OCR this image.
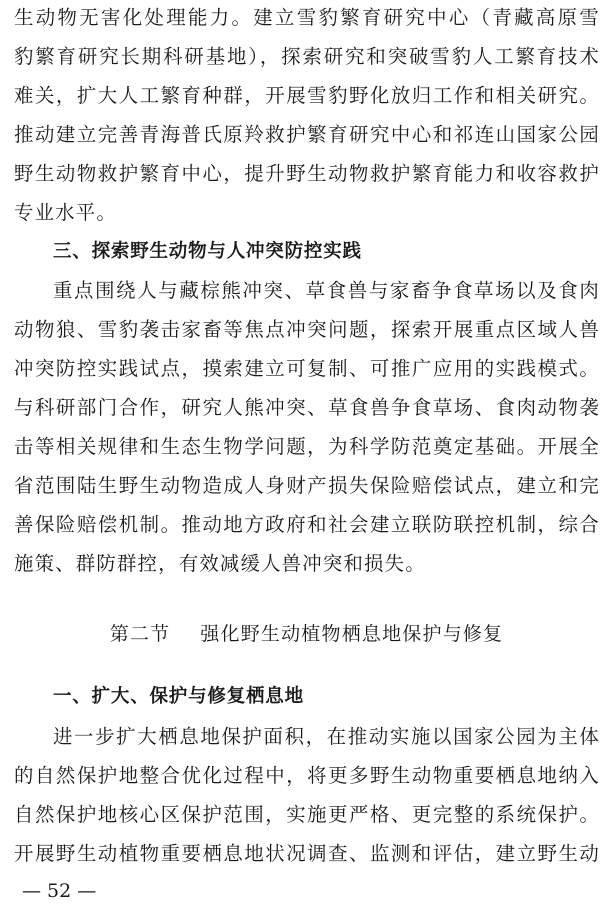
生动物无害化处理能力。建立雪豹繁育研究中心（青藏高原雪
豹繁育研究长期科研基地），探索研究和突破雪豹人工繁育技术
难关，扩大人工繁育种群，开展雪豹野化放归工作和相关研究。
推动建立完善青海普氏原羚救护繁育研究中心和祁连山国家公园
野生动物救护繁育中心，提升野生动物救护繁育能力和收容救护
专业水平。
三、探索野生动物与人冲突防控实践
重点围绕人与藏棕熊冲突、草食兽与家畜争食草场以及食肉
动物狼、雪豹袭击家畜等焦点冲突问题，探索开展重点区域人兽
冲突防控实践试点，摸索建立可复制、可推广应用的实践模式。
与科研部门合作，研究人熊冲突、草食兽争食草场、食肉动物袭
击等相关规律和生态生物学问题，为科学防范奠定基础。开展全
省范围陆生野生动物造成人身财产损失保险赔偿试点，建立和完
善保险赔偿机制。推动地方政府和社会建立联防联控机制，综合
施策、群防群控，有效减缓人兽冲突和损失。
第二节 强化野生动植物栖息地保护与修复
一、扩大、保护与修复栖息地
进一步扩大栖息地保护面积，在推动实施以国家公园为主体
的自然保护地整合优化过程中，将更多野生动物重要栖息地纳入
自然保护地核心区保护范围，实施更严格、更完整的系统保护。
开展野生动植物重要栖息地状况调查、监测和评估，建立野生动
— 52 —
